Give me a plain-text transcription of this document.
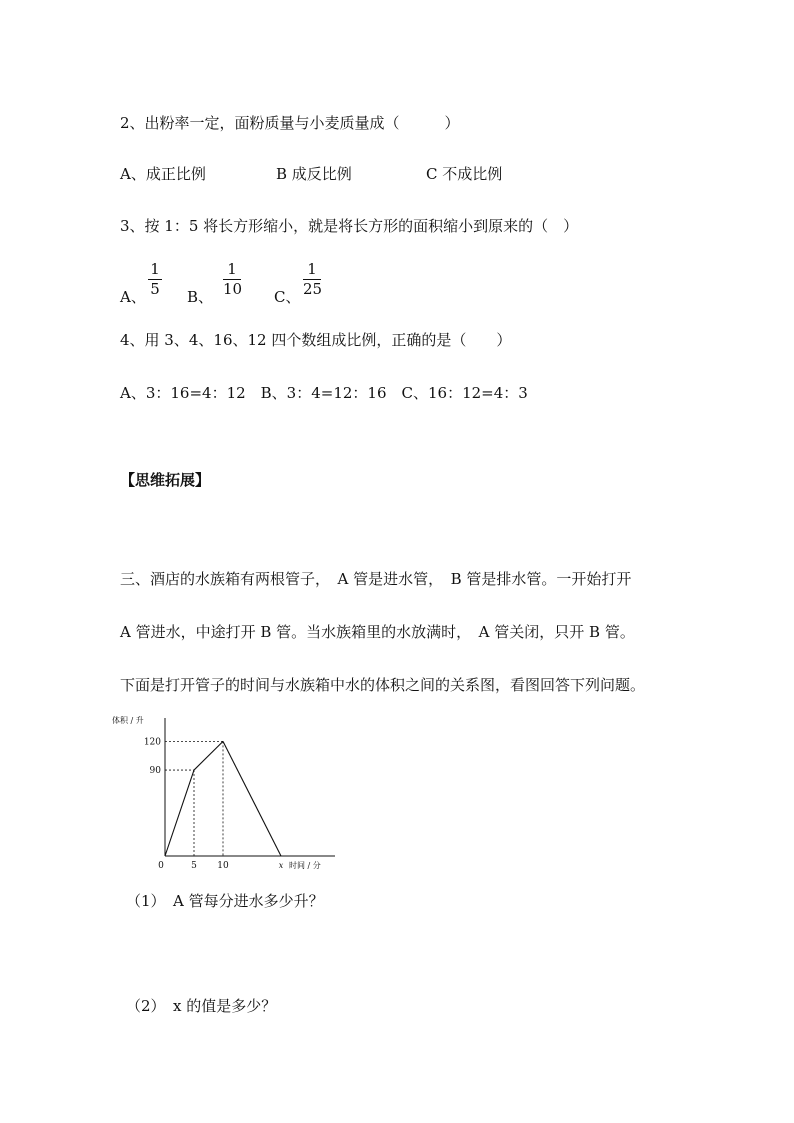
2、出粉率一定，面粉质量与小麦质量成（　　　）
A、成正比例	B 成反比例	C 不成比例
3、按 1：5 将长方形缩小，就是将长方形的面积缩小到原来的（　）
A、
1
5 B、
1
10 C、
1
25
4、用 3、4、16、12 四个数组成比例，正确的是（　　）
A、3：16=4：12　B、3：4=12：16　C、16：12=4：3
【思维拓展】
三、酒店的水族箱有两根管子，　A 管是进水管，　B 管是排水管。一开始打开
A 管进水，中途打开 B 管。当水族箱里的水放满时，　A 管关闭，只开 B 管。
下面是打开管子的时间与水族箱中水的体积之间的关系图，看图回答下列问题。
体积 / 升
90
120
0	5 10	x 时间 / 分
（1）　A 管每分进水多少升？
（2）　x 的值是多少？
